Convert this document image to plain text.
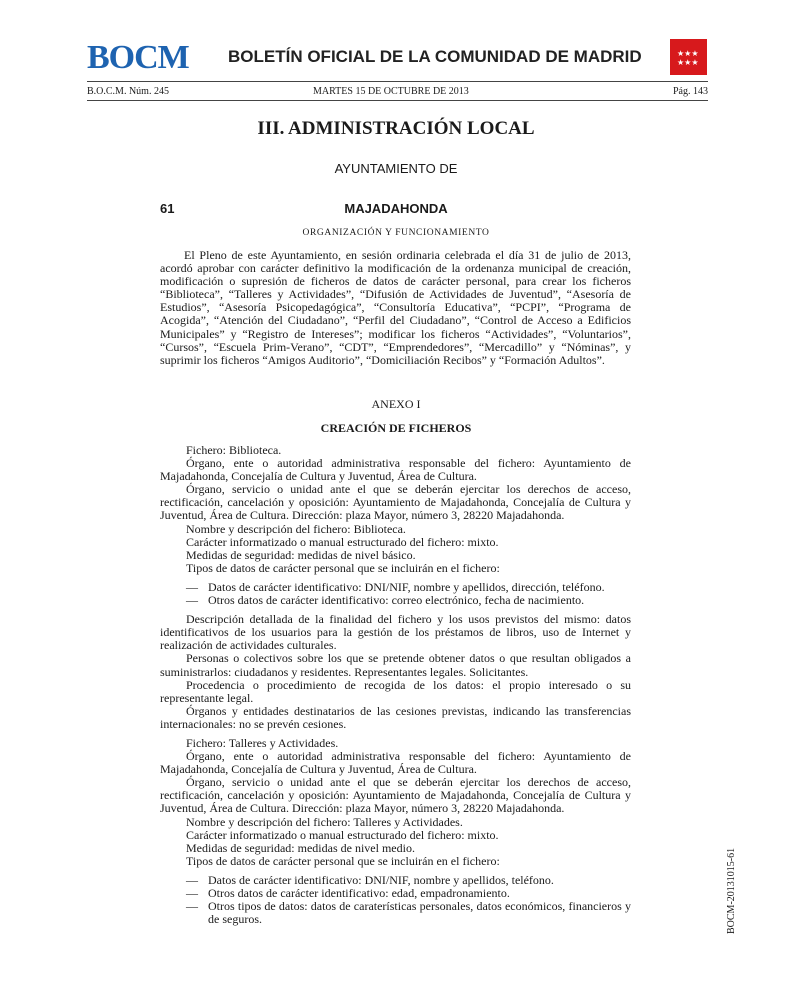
BOCM BOLETÍN OFICIAL DE LA COMUNIDAD DE MADRID	★★★
★★★
B.O.C.M. Núm. 245	MARTES 15 DE OCTUBRE DE 2013	Pág. 143
III. ADMINISTRACIÓN LOCAL
AYUNTAMIENTO DE
61	MAJADAHONDA
ORGANIZACIÓN Y FUNCIONAMIENTO

El Pleno de este Ayuntamiento, en sesión ordinaria celebrada el día 31 de julio de 2013, acordó aprobar con carácter definitivo la modificación de la ordenanza municipal de creación, modificación o supresión de ficheros de datos de carácter personal, para crear los ficheros “Biblioteca”, “Talleres y Actividades”, “Difusión de Actividades de Juventud”, “Asesoría de Estudios”, “Asesoría Psicopedagógica”, “Consultoría Educativa”, “PCPI”, “Programa de Acogida”, “Atención del Ciudadano”, “Perfil del Ciudadano”, “Control de Acceso a Edificios Municipales” y “Registro de Intereses”; modificar los ficheros “Actividades”, “Voluntarios”, “Cursos”, “Escuela Prim-Verano”, “CDT”, “Emprendedores”, “Mercadillo” y “Nóminas”, y suprimir los ficheros “Amigos Auditorio”, “Domiciliación Recibos” y “Formación Adultos”.

ANEXO I
CREACIÓN DE FICHEROS

Fichero: Biblioteca.

Órgano, ente o autoridad administrativa responsable del fichero: Ayuntamiento de Majadahonda, Concejalía de Cultura y Juventud, Área de Cultura.

Órgano, servicio o unidad ante el que se deberán ejercitar los derechos de acceso, rectificación, cancelación y oposición: Ayuntamiento de Majadahonda, Concejalía de Cultura y Juventud, Área de Cultura. Dirección: plaza Mayor, número 3, 28220 Majadahonda.

Nombre y descripción del fichero: Biblioteca.

Carácter informatizado o manual estructurado del fichero: mixto.

Medidas de seguridad: medidas de nivel básico.

Tipos de datos de carácter personal que se incluirán en el fichero:

— Datos de carácter identificativo: DNI/NIF, nombre y apellidos, dirección, teléfono.
— Otros datos de carácter identificativo: correo electrónico, fecha de nacimiento.

Descripción detallada de la finalidad del fichero y los usos previstos del mismo: datos identificativos de los usuarios para la gestión de los préstamos de libros, uso de Internet y realización de actividades culturales.

Personas o colectivos sobre los que se pretende obtener datos o que resultan obligados a suministrarlos: ciudadanos y residentes. Representantes legales. Solicitantes.

Procedencia o procedimiento de recogida de los datos: el propio interesado o su representante legal.

Órganos y entidades destinatarios de las cesiones previstas, indicando las transferencias internacionales: no se prevén cesiones.

Fichero: Talleres y Actividades.

Órgano, ente o autoridad administrativa responsable del fichero: Ayuntamiento de Majadahonda, Concejalía de Cultura y Juventud, Área de Cultura.

Órgano, servicio o unidad ante el que se deberán ejercitar los derechos de acceso, rectificación, cancelación y oposición: Ayuntamiento de Majadahonda, Concejalía de Cultura y Juventud, Área de Cultura. Dirección: plaza Mayor, número 3, 28220 Majadahonda.

Nombre y descripción del fichero: Talleres y Actividades.

Carácter informatizado o manual estructurado del fichero: mixto.

Medidas de seguridad: medidas de nivel medio.

Tipos de datos de carácter personal que se incluirán en el fichero:

— Datos de carácter identificativo: DNI/NIF, nombre y apellidos, teléfono.
— Otros datos de carácter identificativo: edad, empadronamiento.
— Otros tipos de datos: datos de caraterísticas personales, datos económicos, financieros y de seguros.	BOCM-20131015-61
